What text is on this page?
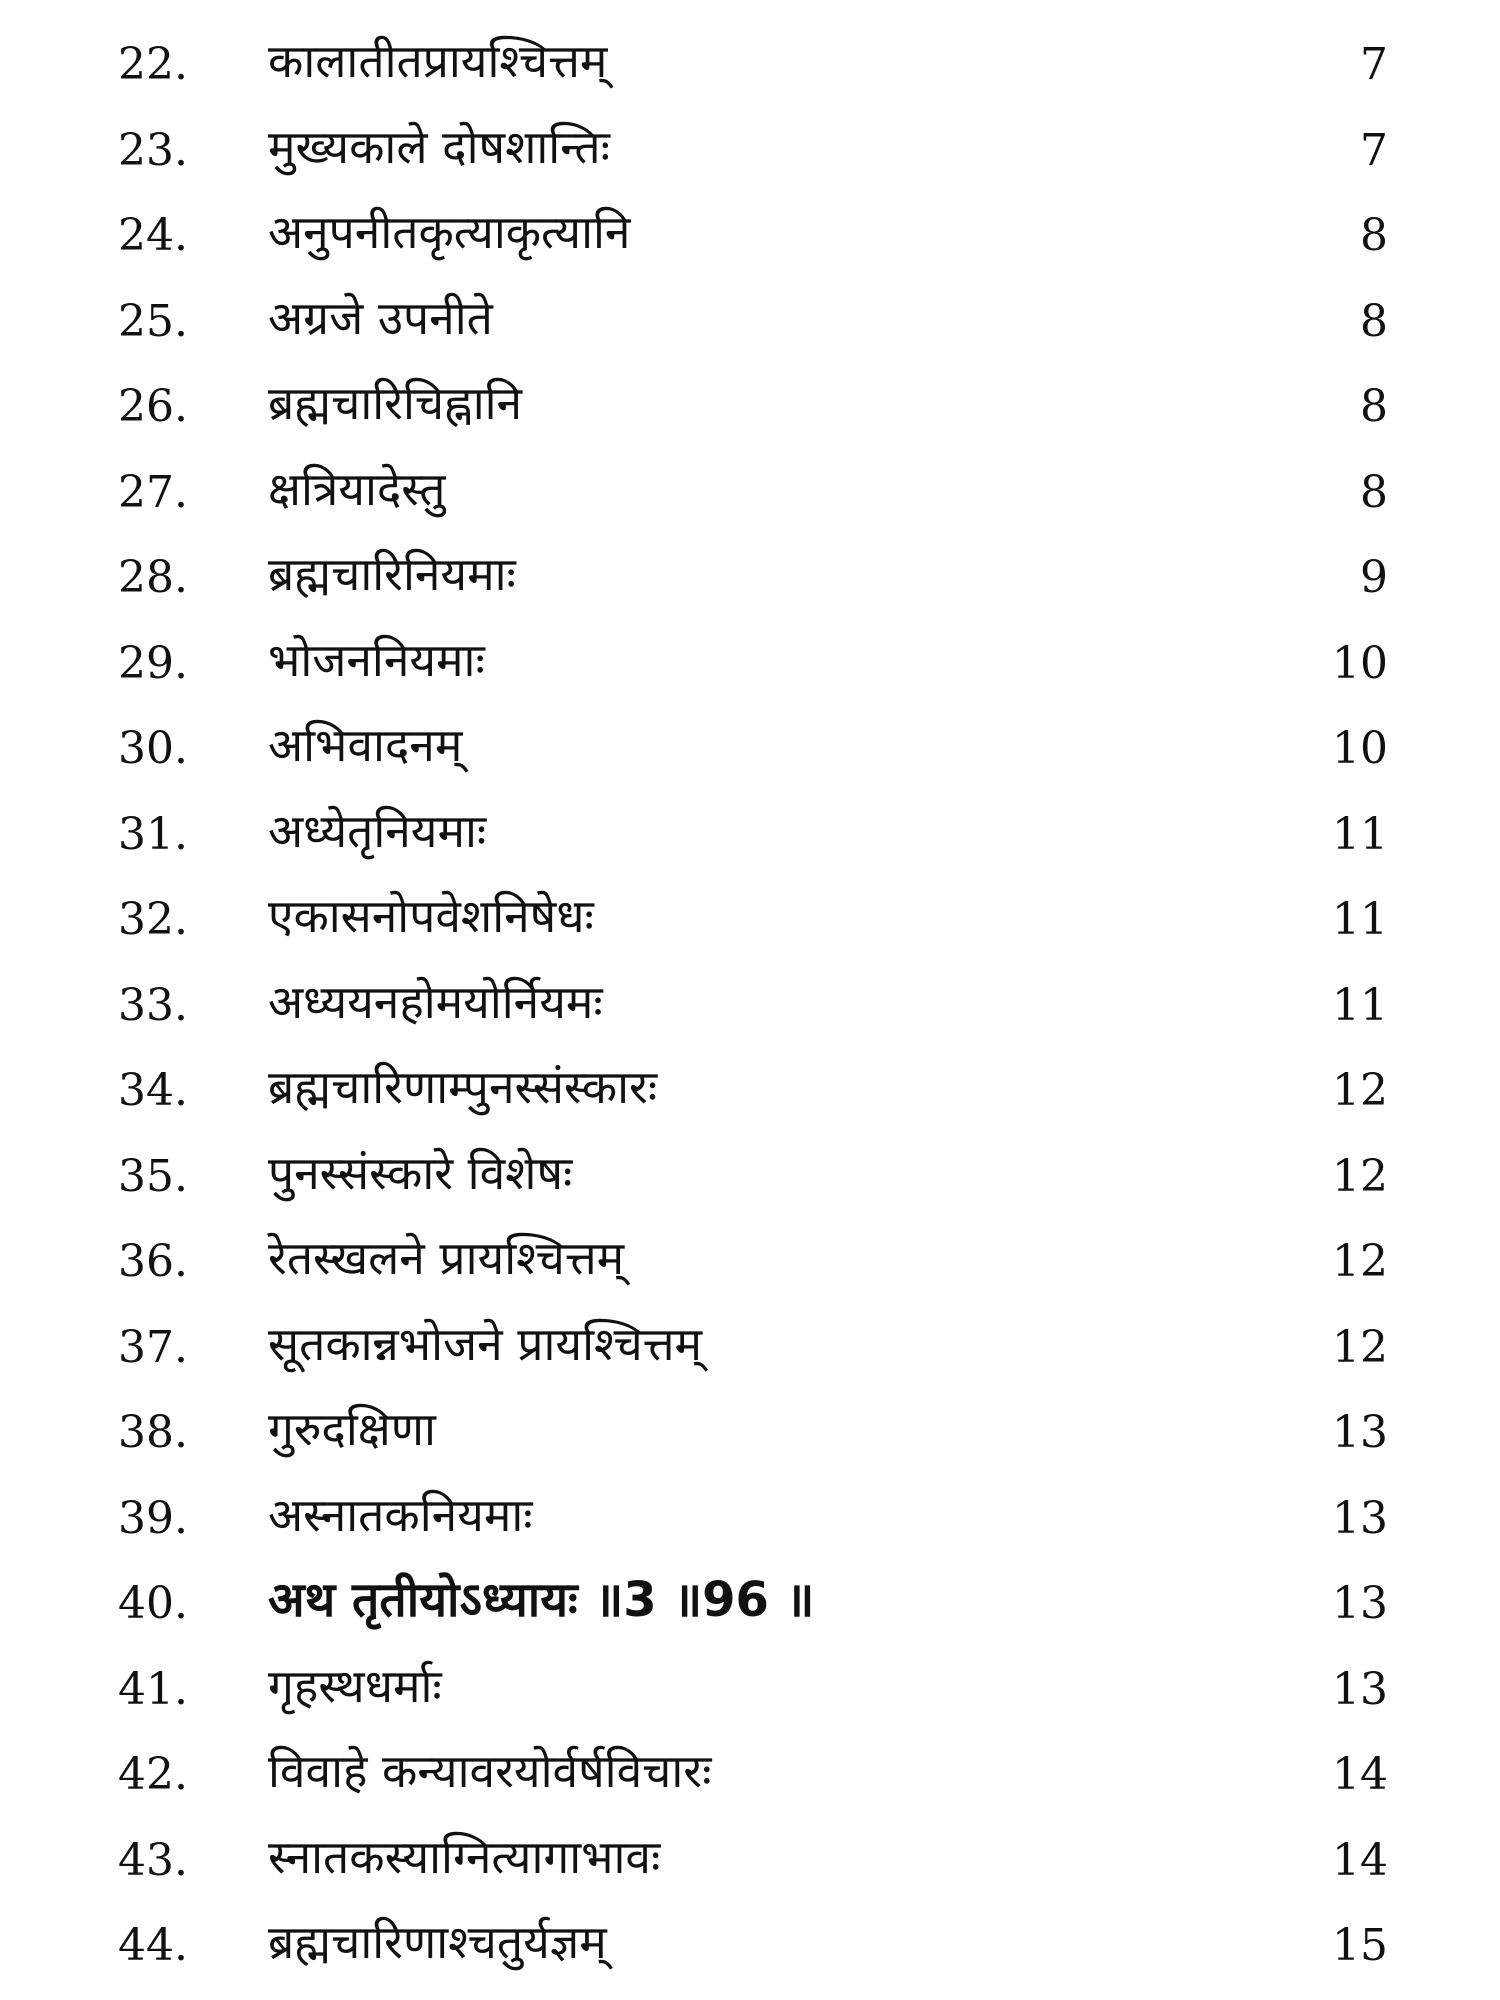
22. कालातीतप्रायश्चित्तम्	7
23. मुख्यकाले दोषशान्तिः	7
24. अनुपनीतकृत्याकृत्यानि	8
25. अग्रजे उपनीते	8
26. ब्रह्मचारिचिह्नानि	8
27. क्षत्रियादेस्तु	8
28. ब्रह्मचारिनियमाः	9
29. भोजननियमाः	10
30. अभिवादनम्	10
31. अध्येतृनियमाः	11
32. एकासनोपवेशनिषेधः	11
33. अध्ययनहोमयोर्नियमः	11
34. ब्रह्मचारिणाम्पुनस्संस्कारः	12
35. पुनस्संस्कारे विशेषः	12
36. रेतस्खलने प्रायश्चित्तम्	12
37. सूतकान्नभोजने प्रायश्चित्तम्	12
38. गुरुदक्षिणा	13
39. अस्नातकनियमाः	13
40. अथ तृतीयोऽध्यायः ॥3 ॥96 ॥	13
41. गृहस्थधर्माः	13
42. विवाहे कन्यावरयोर्वर्षविचारः	14
43. स्नातकस्याग्नित्यागाभावः	14
44. ब्रह्मचारिणाश्चतुर्यज्ञम्	15
